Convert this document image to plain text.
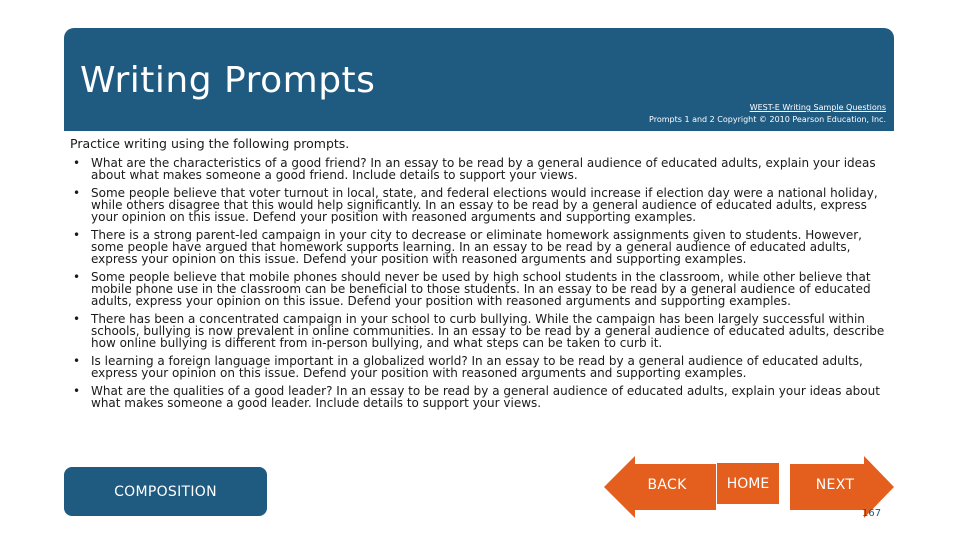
Writing Prompts
WEST-E Writing Sample Questions
Prompts 1 and 2 Copyright © 2010 Pearson Education, Inc.

Practice writing using the following prompts.

• What are the characteristics of a good friend? In an essay to be read by a general audience of educated adults, explain your ideas about what makes someone a good friend. Include details to support your views.
• Some people believe that voter turnout in local, state, and federal elections would increase if election day were a national holiday, while others disagree that this would help significantly. In an essay to be read by a general audience of educated adults, express your opinion on this issue. Defend your position with reasoned arguments and supporting examples.
• There is a strong parent-led campaign in your city to decrease or eliminate homework assignments given to students. However, some people have argued that homework supports learning. In an essay to be read by a general audience of educated adults, express your opinion on this issue. Defend your position with reasoned arguments and supporting examples.
• Some people believe that mobile phones should never be used by high school students in the classroom, while other believe that mobile phone use in the classroom can be beneficial to those students. In an essay to be read by a general audience of educated adults, express your opinion on this issue. Defend your position with reasoned arguments and supporting examples.
• There has been a concentrated campaign in your school to curb bullying. While the campaign has been largely successful within schools, bullying is now prevalent in online communities. In an essay to be read by a general audience of educated adults, describe how online bullying is different from in-person bullying, and what steps can be taken to curb it.
• Is learning a foreign language important in a globalized world? In an essay to be read by a general audience of educated adults, express your opinion on this issue. Defend your position with reasoned arguments and supporting examples.
• What are the qualities of a good leader? In an essay to be read by a general audience of educated adults, explain your ideas about what makes someone a good leader. Include details to support your views.
COMPOSITION	BACK	HOME	NEXT
167
